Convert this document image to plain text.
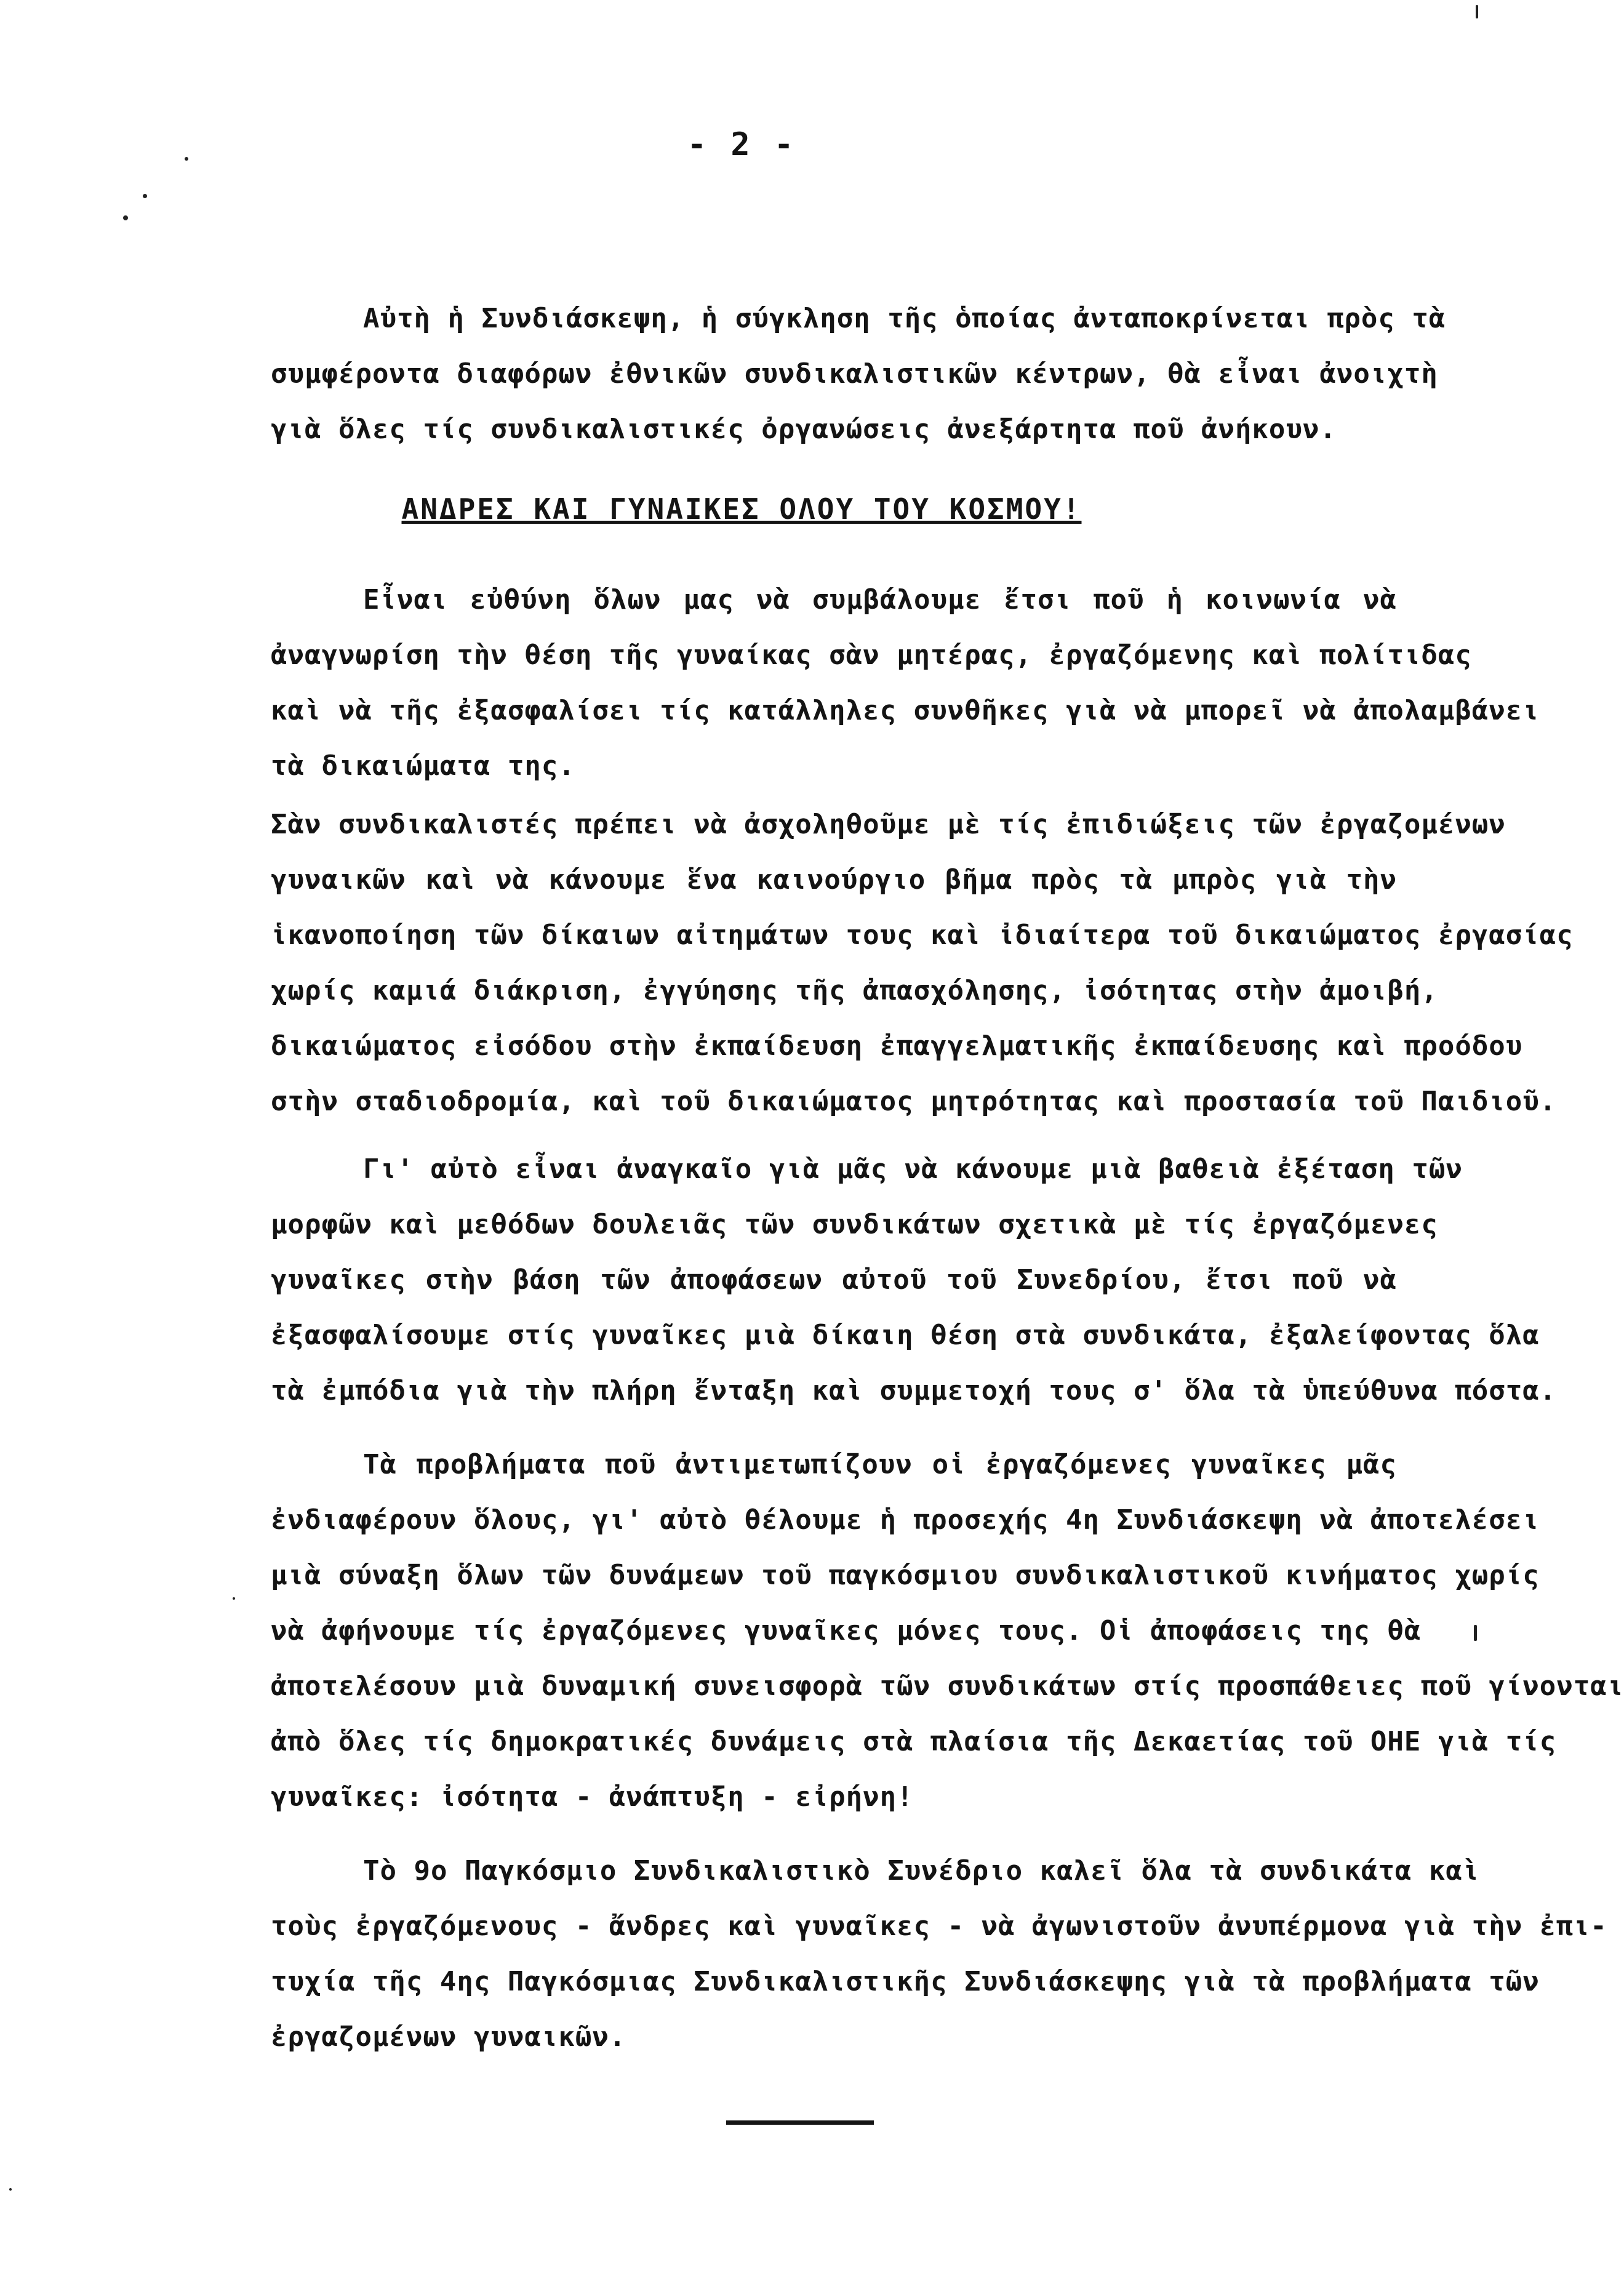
- 2 -
Αὐτὴ ἡ Συνδιάσκεψη, ἡ σύγκληση τῆς ὁποίας ἀνταποκρίνεται πρὸς τὰ
συμφέροντα διαφόρων ἐθνικῶν συνδικαλιστικῶν κέντρων, θὰ εἶναι ἀνοιχτὴ
γιὰ ὅλες τίς συνδικαλιστικές ὀργανώσεις ἀνεξάρτητα ποῦ ἀνήκουν.
ΑΝΔΡΕΣ ΚΑΙ ΓΥΝΑΙΚΕΣ ΟΛΟΥ ΤΟΥ ΚΟΣΜΟΥ!
Εἶναι εὐθύνη ὅλων μας νὰ συμβάλουμε ἔτσι ποῦ ἡ κοινωνία νὰ
ἀναγνωρίση τὴν θέση τῆς γυναίκας σὰν μητέρας, ἐργαζόμενης καὶ πολίτιδας
καὶ νὰ τῆς ἐξασφαλίσει τίς κατάλληλες συνθῆκες γιὰ νὰ μπορεῖ νὰ ἀπολαμβάνει
τὰ δικαιώματα της.
Σὰν συνδικαλιστές πρέπει νὰ ἀσχοληθοῦμε μὲ τίς ἐπιδιώξεις τῶν ἐργαζομένων
γυναικῶν καὶ νὰ κάνουμε ἕνα καινούργιο βῆμα πρὸς τὰ μπρὸς γιὰ τὴν
ἱκανοποίηση τῶν δίκαιων αἰτημάτων τους καὶ ἰδιαίτερα τοῦ δικαιώματος ἐργασίας
χωρίς καμιά διάκριση, ἐγγύησης τῆς ἀπασχόλησης, ἰσότητας στὴν ἀμοιβή,
δικαιώματος εἰσόδου στὴν ἐκπαίδευση ἐπαγγελματικῆς ἐκπαίδευσης καὶ προόδου
στὴν σταδιοδρομία, καὶ τοῦ δικαιώματος μητρότητας καὶ προστασία τοῦ Παιδιοῦ.
Γι' αὐτὸ εἶναι ἀναγκαῖο γιὰ μᾶς νὰ κάνουμε μιὰ βαθειὰ ἐξέταση τῶν
μορφῶν καὶ μεθόδων δουλειᾶς τῶν συνδικάτων σχετικὰ μὲ τίς ἐργαζόμενες
γυναῖκες στὴν βάση τῶν ἀποφάσεων αὐτοῦ τοῦ Συνεδρίου, ἔτσι ποῦ νὰ
ἐξασφαλίσουμε στίς γυναῖκες μιὰ δίκαιη θέση στὰ συνδικάτα, ἐξαλείφοντας ὅλα
τὰ ἐμπόδια γιὰ τὴν πλήρη ἔνταξη καὶ συμμετοχή τους σ' ὅλα τὰ ὑπεύθυνα πόστα.
Τὰ προβλήματα ποῦ ἀντιμετωπίζουν οἱ ἐργαζόμενες γυναῖκες μᾶς
ἐνδιαφέρουν ὅλους, γι' αὐτὸ θέλουμε ἡ προσεχής 4η Συνδιάσκεψη νὰ ἀποτελέσει
μιὰ σύναξη ὅλων τῶν δυνάμεων τοῦ παγκόσμιου συνδικαλιστικοῦ κινήματος χωρίς
νὰ ἀφήνουμε τίς ἐργαζόμενες γυναῖκες μόνες τους. Οἱ ἀποφάσεις της θὰ
ἀποτελέσουν μιὰ δυναμική συνεισφορὰ τῶν συνδικάτων στίς προσπάθειες ποῦ γίνονται
ἀπὸ ὅλες τίς δημοκρατικές δυνάμεις στὰ πλαίσια τῆς Δεκαετίας τοῦ ΟΗΕ γιὰ τίς
γυναῖκες: ἰσότητα - ἀνάπτυξη - εἰρήνη!
Τὸ 9ο Παγκόσμιο Συνδικαλιστικὸ Συνέδριο καλεῖ ὅλα τὰ συνδικάτα καὶ
τοὺς ἐργαζόμενους - ἄνδρες καὶ γυναῖκες - νὰ ἀγωνιστοῦν ἀνυπέρμονα γιὰ τὴν ἐπι-
τυχία τῆς 4ης Παγκόσμιας Συνδικαλιστικῆς Συνδιάσκεψης γιὰ τὰ προβλήματα τῶν
ἐργαζομένων γυναικῶν.
